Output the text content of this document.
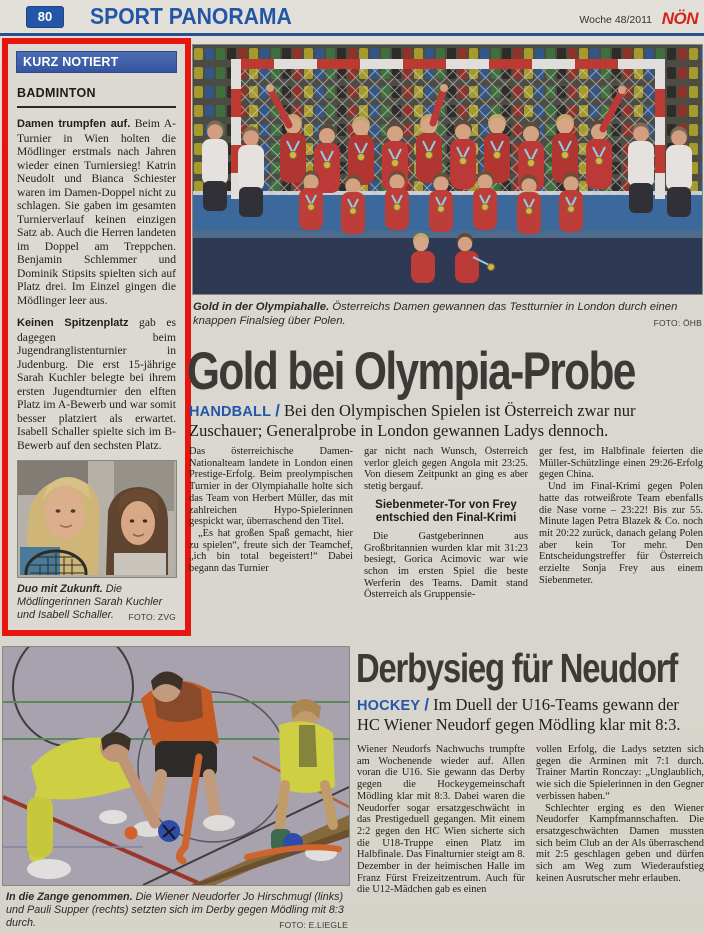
80	SPORT PANORAMA	Woche 48/2011 NÖN
KURZ NOTIERT
BADMINTON

Damen trumpfen auf. Beim A-Turnier in Wien holten die Mödlinger erstmals nach Jahren wieder einen Turniersieg! Katrin Neudolt und Bianca Schiester waren im Damen-Doppel nicht zu schlagen. Sie gaben im gesamten Turnierverlauf keinen einzigen Satz ab. Auch die Herren landeten im Doppel am Treppchen. Benjamin Schlemmer und Dominik Stipsits spielten sich auf Platz drei. Im Einzel gingen die Mödlinger leer aus.

Keinen Spitzenplatz gab es dagegen beim Jugendranglistenturnier in Judenburg. Die erst 15-jährige Sarah Kuchler belegte bei ihrem ersten Jugendturnier den elften Platz im A-Bewerb und war somit besser platziert als erwartet. Isabell Schaller spielte sich im B-Bewerb auf den sechsten Platz.

Duo mit Zukunft. Die Mödlingerinnen Sarah Kuchler und Isabell Schaller. FOTO: ZVG
Gold in der Olympiahalle. Österreichs Damen gewannen das Testturnier in London durch einen knappen Finalsieg über Polen.	FOTO: ÖHB
Gold bei Olympia-Probe
HANDBALL / Bei den Olympischen Spielen ist Österreich zwar nur Zuschauer; Generalprobe in London gewannen Ladys dennoch.

Das österreichische Damen-Nationalteam landete in London einen Prestige-Erfolg. Beim preolympischen Turnier in der Olympiahalle holte sich das Team von Herbert Müller, das mit zahlreichen Hypo-Spielerinnen gespickt war, überraschend den Titel.

„Es hat großen Spaß gemacht, hier zu spielen“, freute sich der Teamchef, „ich bin total begeistert!“ Dabei begann das Turnier

gar nicht nach Wunsch, Österreich verlor gleich gegen Angola mit 23:25. Von diesem Zeitpunkt an ging es aber stetig bergauf.

Siebenmeter-Tor von Frey entschied den Final-Krimi

Die Gastgeberinnen aus Großbritannien wurden klar mit 31:23 besiegt, Gorica Acimovic war wie schon im ersten Spiel die beste Werferin des Teams. Damit stand Österreich als Gruppensie-

ger fest, im Halbfinale feierten die Müller-Schützlinge einen 29:26-Erfolg gegen China.

Und im Final-Krimi gegen Polen hatte das rotweißrote Team ebenfalls die Nase vorne – 23:22! Bis zur 55. Minute lagen Petra Blazek & Co. noch mit 20:22 zurück, danach gelang Polen aber kein Tor mehr. Den Entscheidungstreffer für Österreich erzielte Sonja Frey aus einem Siebenmeter.

In die Zange genommen. Die Wiener Neudorfer Jo Hirschmugl (links) und Pauli Supper (rechts) setzten sich im Derby gegen Mödling mit 8:3 durch.	FOTO: E.LIEGLE
Derbysieg für Neudorf
HOCKEY / Im Duell der U16-Teams gewann der HC Wiener Neudorf gegen Mödling klar mit 8:3.

Wiener Neudorfs Nachwuchs trumpfte am Wochenende wieder auf. Allen voran die U16. Sie gewann das Derby gegen die Hockeygemeinschaft Mödling klar mit 8:3. Dabei waren die Neudorfer sogar ersatzgeschwächt in das Prestigeduell gegangen. Mit einem 2:2 gegen den HC Wien sicherte sich die U18-Truppe einen Platz im Halbfinale. Das Finalturnier steigt am 8. Dezember in der heimischen Halle im Franz Fürst Freizeitzentrum. Auch für die U12-Mädchen gab es einen

vollen Erfolg, die Ladys setzten sich gegen die Arminen mit 7:1 durch. Trainer Martin Ronczay: „Unglaublich, wie sich die Spielerinnen in den Gegner verbissen haben.“

Schlechter erging es den Wiener Neudorfer Kampfmannschaften. Die ersatzgeschwächten Damen mussten sich beim Club an der Als überraschend mit 2:5 geschlagen geben und dürfen sich am Weg zum Wiederaufstieg keinen Ausrutscher mehr erlauben.
